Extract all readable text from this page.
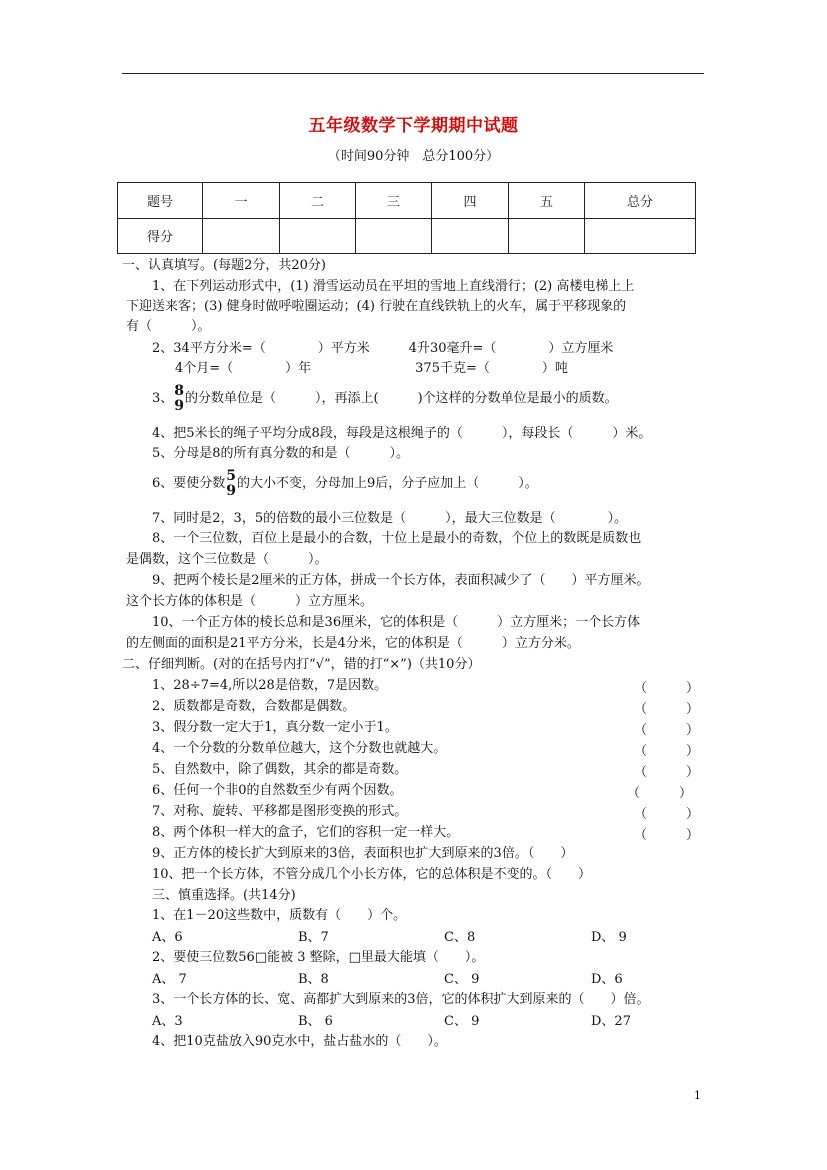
五年级数学下学期期中试题
（时间90分钟　总分100分）
题号	一	二	三	四	五	总分
得分						
一、认真填写。(每题2分，共20分)
1、在下列运动形式中，(1) 滑雪运动员在平坦的雪地上直线滑行；(2) 高楼电梯上上
下迎送来客；(3) 健身时做呼啦圈运动；(4) 行驶在直线铁轨上的火车，属于平移现象的
有（　　　）。
2、34平方分米=（　　　　）平方米　　　4升30毫升=（　　　　）立方厘米
4个月=（　　　　）年　　　　　　　　375千克=（　　　　）吨
3、 8
9 的分数单位是（　　　），再添上(　　　)个这样的分数单位是最小的质数。
4、把5米长的绳子平均分成8段，每段是这根绳子的（　　　），每段长（　　　）米。
5、分母是8的所有真分数的和是（　　　）。
6、要使分数 5
9 的大小不变，分母加上9后，分子应加上（　　　）。
7、同时是2，3，5的倍数的最小三位数是（　　　），最大三位数是（　　　　）。
8、一个三位数，百位上是最小的合数，十位上是最小的奇数，个位上的数既是质数也
是偶数，这个三位数是（　　　）。
9、把两个棱长是2厘米的正方体，拼成一个长方体，表面积减少了（　　）平方厘米。
这个长方体的体积是（　　　）立方厘米。
10、一个正方体的棱长总和是36厘米，它的体积是（　　　）立方厘米；一个长方体
的左侧面的面积是21平方分米，长是4分米，它的体积是（　　　）立方分米。
二、仔细判断。(对的在括号内打“√”，错的打“×”)（共10分）
1、28÷7=4,所以28是倍数，7是因数。	（　　　）
2、质数都是奇数，合数都是偶数。	（　　　）
3、假分数一定大于1，真分数一定小于1。	（　　　）
4、一个分数的分数单位越大，这个分数也就越大。	（　　　）
5、自然数中，除了偶数，其余的都是奇数。	（　　　）
6、任何一个非0的自然数至少有两个因数。	（　　　）
7、对称、旋转、平移都是图形变换的形式。	（　　　）
8、两个体积一样大的盒子，它们的容积一定一样大。	（　　　）
9、正方体的棱长扩大到原来的3倍，表面积也扩大到原来的3倍。（　　）
10、把一个长方体，不管分成几个小长方体，它的总体积是不变的。（　　）
三、慎重选择。(共14分)
1、在1－20这些数中，质数有（　　）个。
A、6	B、7	C、8	D、 9
2、要使三位数56□能被 3 整除，□里最大能填（　　）。
A、 7	B、8	C、 9	D、6
3、一个长方体的长、宽、高都扩大到原来的3倍，它的体积扩大到原来的（　　）倍。
A、3	B、 6	C、 9	D、27
4、把10克盐放入90克水中，盐占盐水的（　　）。
1
